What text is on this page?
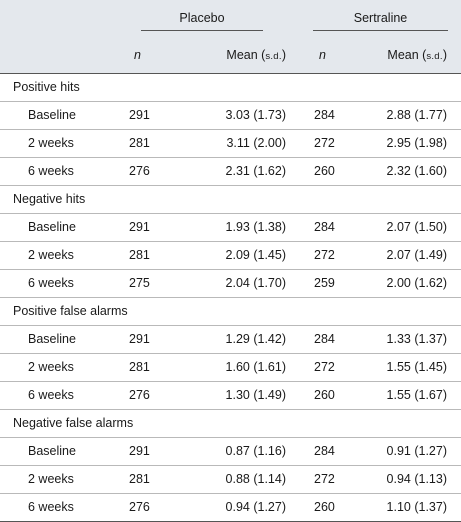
Placebo	Sertraline
n	Mean (s.d.)	n	Mean (s.d.)
Positive hits
Baseline	291	3.03 (1.73) 284	2.88 (1.77)
2 weeks	281	3.11 (2.00) 272	2.95 (1.98)
6 weeks	276	2.31 (1.62) 260	2.32 (1.60)
Negative hits
Baseline	291	1.93 (1.38) 284	2.07 (1.50)
2 weeks	281	2.09 (1.45) 272	2.07 (1.49)
6 weeks	275	2.04 (1.70) 259	2.00 (1.62)
Positive false alarms
Baseline	291	1.29 (1.42) 284	1.33 (1.37)
2 weeks	281	1.60 (1.61) 272	1.55 (1.45)
6 weeks	276	1.30 (1.49) 260	1.55 (1.67)
Negative false alarms
Baseline	291	0.87 (1.16) 284	0.91 (1.27)
2 weeks	281	0.88 (1.14) 272	0.94 (1.13)
6 weeks	276	0.94 (1.27) 260	1.10 (1.37)
